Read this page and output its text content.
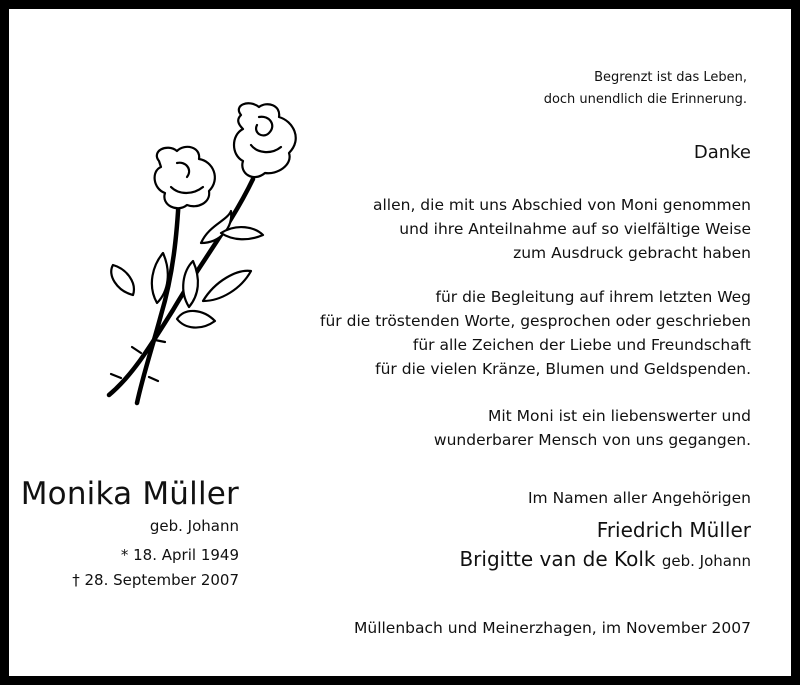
Begrenzt ist das Leben,
doch unendlich die Erinnerung.
Danke
allen, die mit uns Abschied von Moni genommen
und ihre Anteilnahme auf so vielfältige Weise
zum Ausdruck gebracht haben
für die Begleitung auf ihrem letzten Weg
für die tröstenden Worte, gesprochen oder geschrieben
für alle Zeichen der Liebe und Freundschaft
für die vielen Kränze, Blumen und Geldspenden.
Mit Moni ist ein liebenswerter und
wunderbarer Mensch von uns gegangen.
Monika Müller
geb. Johann
* 18. April 1949
† 28. September 2007
Im Namen aller Angehörigen
Friedrich Müller
Brigitte van de Kolk geb. Johann
Müllenbach und Meinerzhagen, im November 2007
